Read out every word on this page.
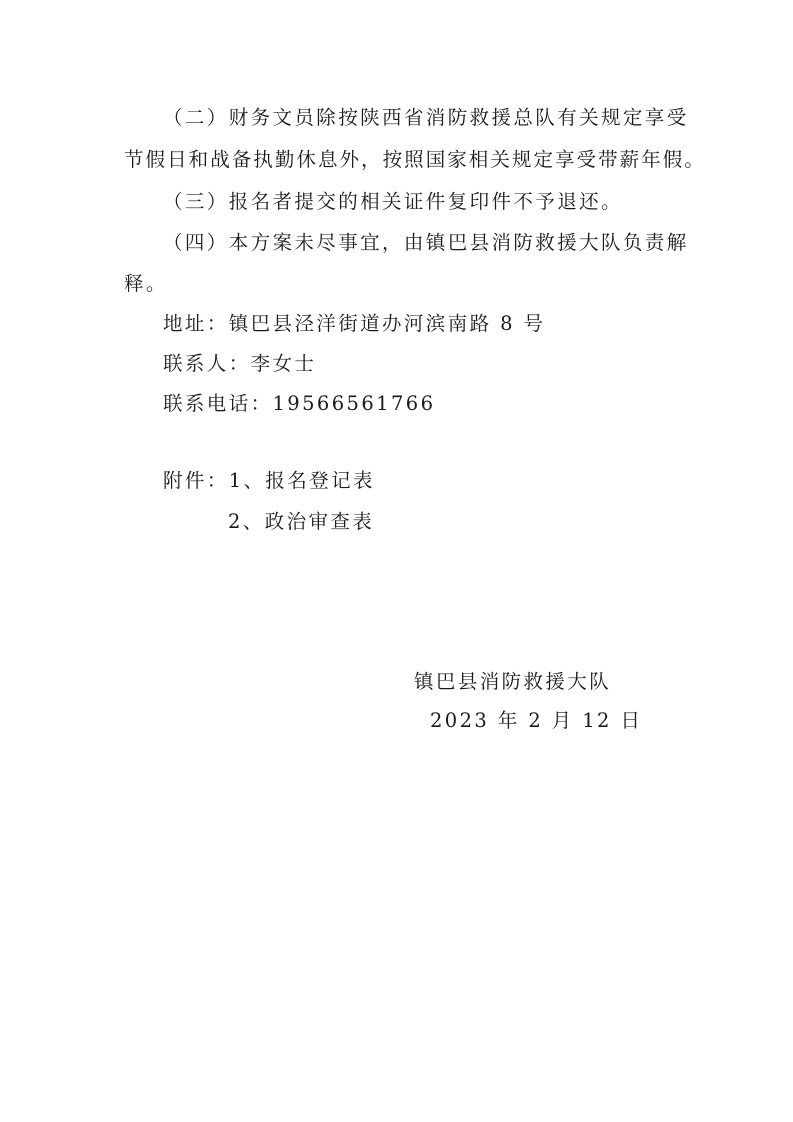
（二）财务文员除按陕西省消防救援总队有关规定享受
节假日和战备执勤休息外，按照国家相关规定享受带薪年假。
（三）报名者提交的相关证件复印件不予退还。
（四）本方案未尽事宜，由镇巴县消防救援大队负责解
释。
地址：镇巴县泾洋街道办河滨南路 8 号
联系人：李女士
联系电话：19566561766
附件：1、报名登记表
2、政治审查表
镇巴县消防救援大队
2023 年 2 月 12 日
